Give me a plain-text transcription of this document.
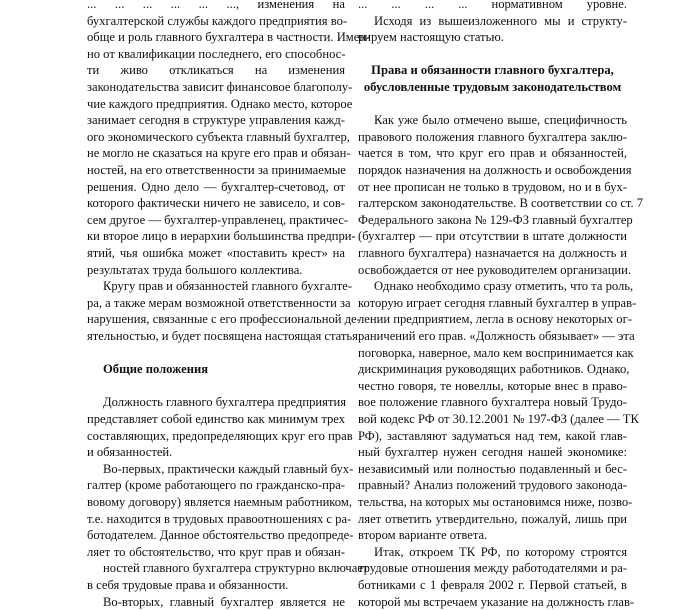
... ... ... ... ... ..., изменения на
бухгалтерской службы каждого предприятия во-
обще и роль главного бухгалтера в частности. Имен-
но от квалификации последнего, его способнос-
ти живо откликаться на изменения
законодательства зависит финансовое благополу-
чие каждого предприятия. Однако место, которое
занимает сегодня в структуре управления кажд-
ого экономического субъекта главный бухгалтер,
не могло не сказаться на круге его прав и обязан-
ностей, на его ответственности за принимаемые
решения. Одно дело — бухгалтер-счетовод, от
которого фактически ничего не зависело, и сов-
сем другое — бухгалтер-управленец, практичес-
ки второе лицо в иерархии большинства предпри-
ятий, чья ошибка может «поставить крест» на
результатах труда большого коллектива.
Кругу прав и обязанностей главного бухгалте-
ра, а также мерам возможной ответственности за
нарушения, связанные с его профессиональной де-
ятельностью, и будет посвящена настоящая статья.
Общие положения
Должность главного бухгалтера предприятия
представляет собой единство как минимум трех
составляющих, предопределяющих круг его прав
и обязанностей.
Во-первых, практически каждый главный бух-
галтер (кроме работающего по гражданско-пра-
вовому договору) является наемным работником,
т.е. находится в трудовых правоотношениях с ра-
ботодателем. Данное обстоятельство предопреде-
ляет то обстоятельство, что круг прав и обязан-
ностей главного бухгалтера структурно включает
в себя трудовые права и обязанности.
Во-вторых, главный бухгалтер является не
... ... ... ... нормативном уровне.
Исходя из вышеизложенного мы и структу-
рируем настоящую статью.
Права и обязанности главного бухгалтера,
обусловленные трудовым законодательством
Как уже было отмечено выше, специфичность
правового положения главного бухгалтера заклю-
чается в том, что круг его прав и обязанностей,
порядок назначения на должность и освобождения
от нее прописан не только в трудовом, но и в бух-
галтерском законодательстве. В соответствии со ст. 7
Федерального закона № 129-ФЗ главный бухгалтер
(бухгалтер — при отсутствии в штате должности
главного бухгалтера) назначается на должность и
освобождается от нее руководителем организации.
Однако необходимо сразу отметить, что та роль,
которую играет сегодня главный бухгалтер в управ-
лении предприятием, легла в основу некоторых ог-
раничений его прав. «Должность обязывает» — эта
поговорка, наверное, мало кем воспринимается как
дискриминация руководящих работников. Однако,
честно говоря, те новеллы, которые внес в право-
вое положение главного бухгалтера новый Трудо-
вой кодекс РФ от 30.12.2001 № 197-ФЗ (далее — ТК
РФ), заставляют задуматься над тем, какой глав-
ный бухгалтер нужен сегодня нашей экономике:
независимый или полностью подавленный и бес-
правный? Анализ положений трудового законода-
тельства, на которых мы остановимся ниже, позво-
ляет ответить утвердительно, пожалуй, лишь при
втором варианте ответа.
Итак, откроем ТК РФ, по которому строятся
трудовые отношения между работодателями и ра-
ботниками с 1 февраля 2002 г. Первой статьей, в
которой мы встречаем указание на должность глав-
